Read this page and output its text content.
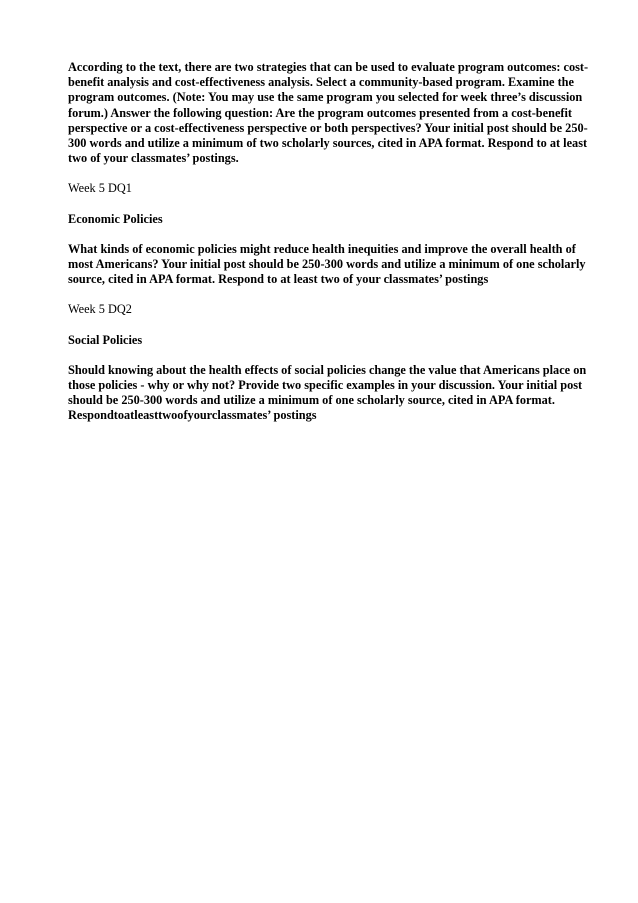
According to the text, there are two strategies that can be used to evaluate program outcomes: cost-benefit analysis and cost-effectiveness analysis. Select a community-based program. Examine the program outcomes. (Note: You may use the same program you selected for week three’s discussion forum.) Answer the following question: Are the program outcomes presented from a cost-benefit perspective or a cost-effectiveness perspective or both perspectives? Your initial post should be 250-300 words and utilize a minimum of two scholarly sources, cited in APA format. Respond to at least two of your classmates’ postings.

Week 5 DQ1

Economic Policies

What kinds of economic policies might reduce health inequities and improve the overall health of most Americans? Your initial post should be 250-300 words and utilize a minimum of one scholarly source, cited in APA format. Respond to at least two of your classmates’ postings

Week 5 DQ2

Social Policies

Should knowing about the health effects of social policies change the value that Americans place on those policies - why or why not? Provide two specific examples in your discussion. Your initial post should be 250-300 words and utilize a minimum of one scholarly source, cited in APA format. Respondtoatleasttwoofyourclassmates’ postings
